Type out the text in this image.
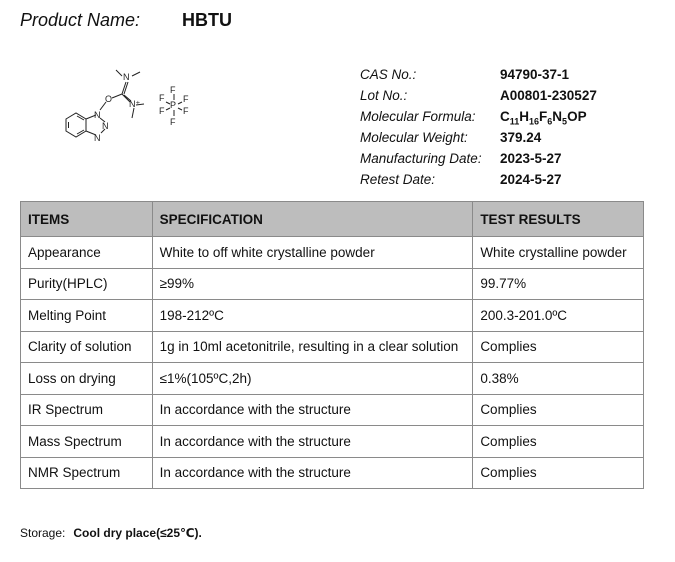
Product Name: HBTU
N
N
N
O
N
N⁺
F
F F
P
F F
F
CAS No.:	94790-37-1
Lot No.:	A00801-230527
Molecular Formula: $C_{11}H_{16}F_6N_5OP$
Molecular Weight: 379.24
Manufacturing Date: 2023-5-27
Retest Date:	2024-5-27
ITEMS	SPECIFICATION	TEST RESULTS
Appearance	White to off white crystalline powder	White crystalline powder
Purity(HPLC)	≥99%	99.77%
Melting Point	198-212ºC	200.3-201.0ºC
Clarity of solution	1g in 10ml acetonitrile, resulting in a clear solution	Complies
Loss on drying	≤1%(105ºC,2h)	0.38%
IR Spectrum	In accordance with the structure	Complies
Mass Spectrum	In accordance with the structure	Complies
NMR Spectrum	In accordance with the structure	Complies
Storage: Cool dry place(≤25℃).
